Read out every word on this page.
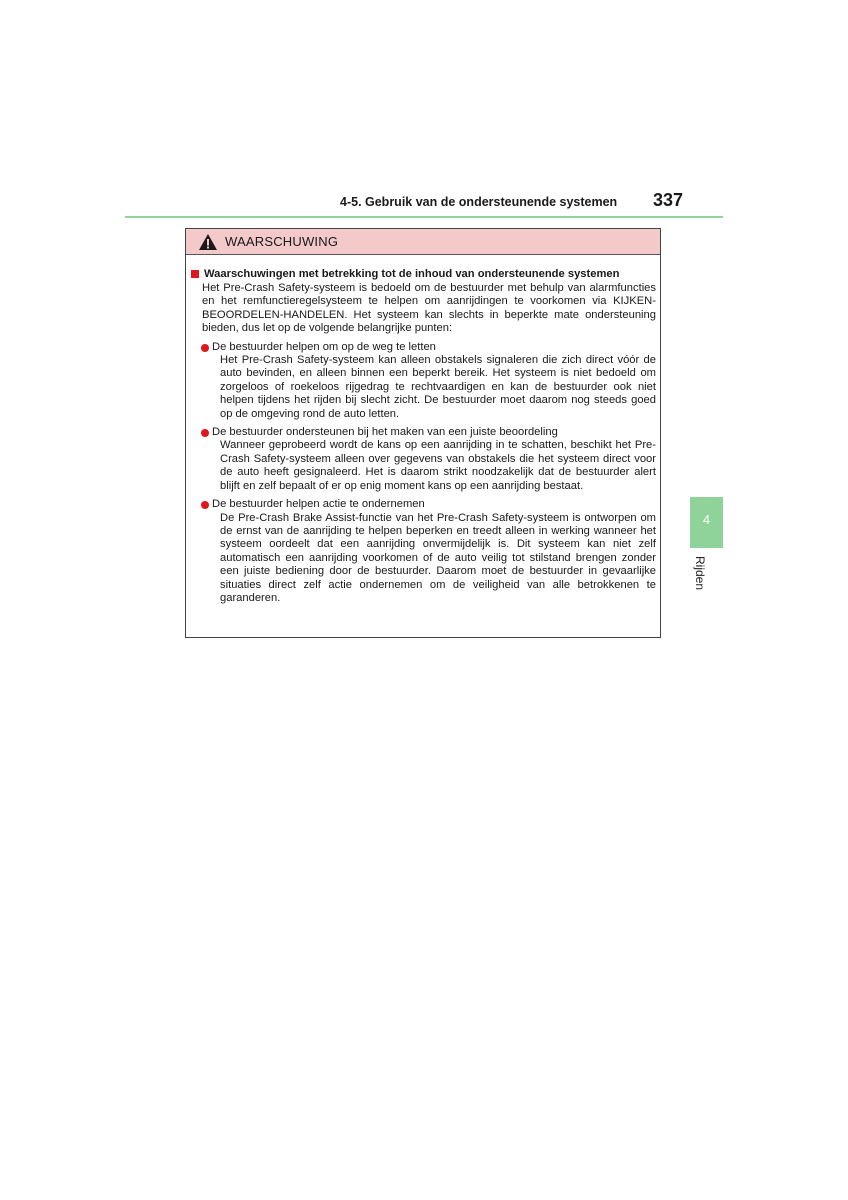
4-5. Gebruik van de ondersteunende systemen	337
4
Rijden
WAARSCHUWING
Waarschuwingen met betrekking tot de inhoud van ondersteunende systemen
Het Pre-Crash Safety-systeem is bedoeld om de bestuurder met behulp van alarmfuncties en het remfunctieregelsysteem te helpen om aanrijdingen te voorkomen via KIJKEN-BEOORDELEN-HANDELEN. Het systeem kan slechts in beperkte mate ondersteuning bieden, dus let op de volgende belangrijke punten:
De bestuurder helpen om op de weg te letten
Het Pre-Crash Safety-systeem kan alleen obstakels signaleren die zich direct vóór de auto bevinden, en alleen binnen een beperkt bereik. Het systeem is niet bedoeld om zorgeloos of roekeloos rijgedrag te rechtvaardigen en kan de bestuurder ook niet helpen tijdens het rijden bij slecht zicht. De bestuurder moet daarom nog steeds goed op de omgeving rond de auto letten.
De bestuurder ondersteunen bij het maken van een juiste beoordeling
Wanneer geprobeerd wordt de kans op een aanrijding in te schatten, beschikt het Pre-Crash Safety-systeem alleen over gegevens van obstakels die het systeem direct voor de auto heeft gesignaleerd. Het is daarom strikt noodzakelijk dat de bestuurder alert blijft en zelf bepaalt of er op enig moment kans op een aanrijding bestaat.
De bestuurder helpen actie te ondernemen
De Pre-Crash Brake Assist-functie van het Pre-Crash Safety-systeem is ontworpen om de ernst van de aanrijding te helpen beperken en treedt alleen in werking wanneer het systeem oordeelt dat een aanrijding onvermijdelijk is. Dit systeem kan niet zelf automatisch een aanrijding voorkomen of de auto veilig tot stilstand brengen zonder een juiste bediening door de bestuurder. Daarom moet de bestuurder in gevaarlijke situaties direct zelf actie ondernemen om de veiligheid van alle betrokkenen te garanderen.
